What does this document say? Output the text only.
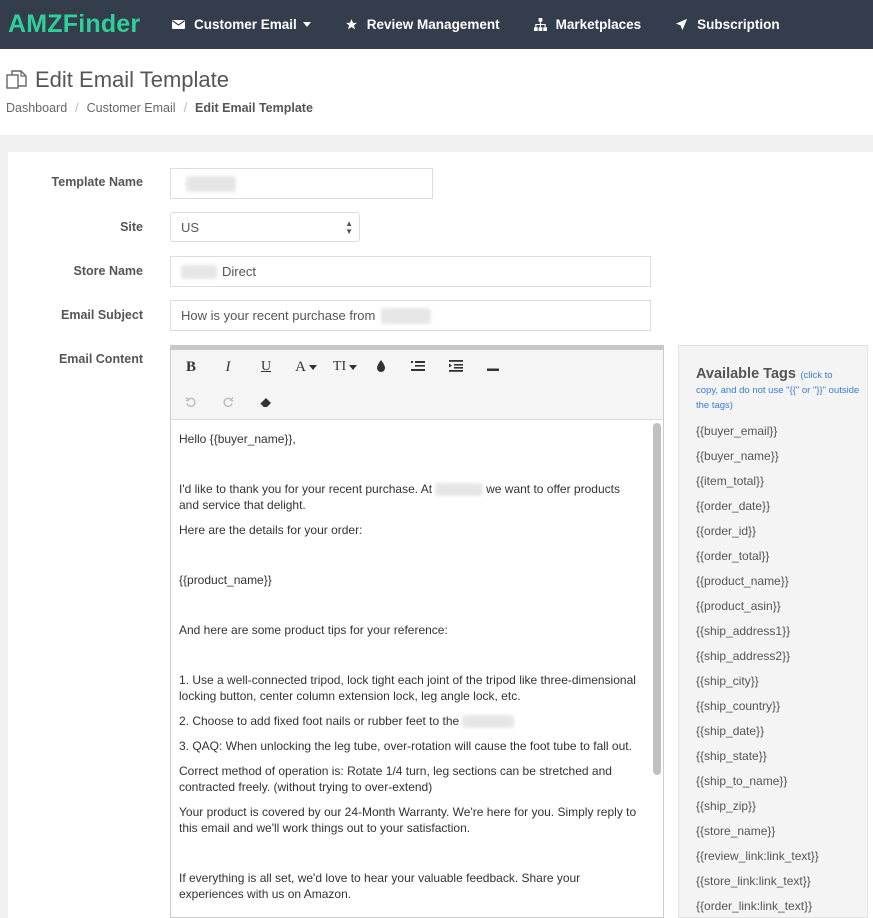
AMZFinder	Customer Email	Review Management	Marketplaces	Subscription
Edit Email Template
Dashboard / Customer Email / Edit Email Template
Template Name
Site	US	▲
▼
Store Name	Direct
Email Subject	How is your recent purchase from
Email Content	B	I	U	A TI

Hello {{buyer_name}},

I'd like to thank you for your recent purchase. At	we want to offer products and service that delight.

Here are the details for your order:

{{product_name}}

And here are some product tips for your reference:

1. Use a well-connected tripod, lock tight each joint of the tripod like three-dimensional locking button, center column extension lock, leg angle lock, etc.

2. Choose to add fixed foot nails or rubber feet to the

3. QAQ: When unlocking the leg tube, over-rotation will cause the foot tube to fall out.

Correct method of operation is: Rotate 1/4 turn, leg sections can be stretched and contracted freely. (without trying to over-extend)

Your product is covered by our 24-Month Warranty. We're here for you. Simply reply to this email and we'll work things out to your satisfaction.

If everything is all set, we'd love to hear your valuable feedback. Share your experiences with us on Amazon.

Available Tags (click to
copy, and do not use "{{" or "}}" outside the tags)
{{buyer_email}}
{{buyer_name}}
{{item_total}}
{{order_date}}
{{order_id}}
{{order_total}}
{{product_name}}
{{product_asin}}
{{ship_address1}}
{{ship_address2}}
{{ship_city}}
{{ship_country}}
{{ship_date}}
{{ship_state}}
{{ship_to_name}}
{{ship_zip}}
{{store_name}}
{{review_link:link_text}}
{{store_link:link_text}}
{{order_link:link_text}}
